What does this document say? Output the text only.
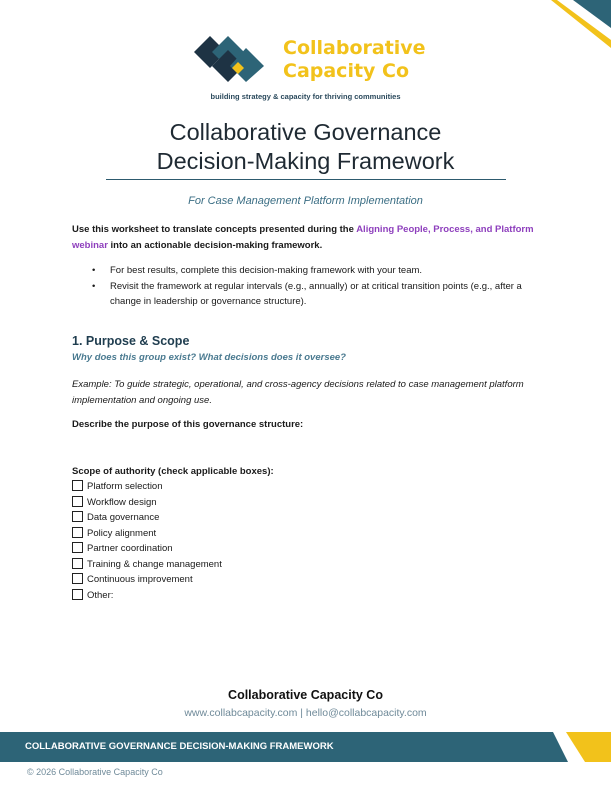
Collaborative
Capacity Co
building strategy & capacity for thriving communities
Collaborative Governance
Decision-Making Framework
For Case Management Platform Implementation
Use this worksheet to translate concepts presented during the Aligning People, Process, and Platform webinar into an actionable decision-making framework.
• For best results, complete this decision-making framework with your team.
• Revisit the framework at regular intervals (e.g., annually) or at critical transition points (e.g., after a change in leadership or governance structure).
1. Purpose & Scope
Why does this group exist? What decisions does it oversee?
Example: To guide strategic, operational, and cross-agency decisions related to case management platform implementation and ongoing use.
Describe the purpose of this governance structure:
Scope of authority (check applicable boxes):
Platform selection
Workflow design
Data governance
Policy alignment
Partner coordination
Training & change management
Continuous improvement
Other:
Collaborative Capacity Co
www.collabcapacity.com | hello@collabcapacity.com
COLLABORATIVE GOVERNANCE DECISION-MAKING FRAMEWORK
© 2026 Collaborative Capacity Co
